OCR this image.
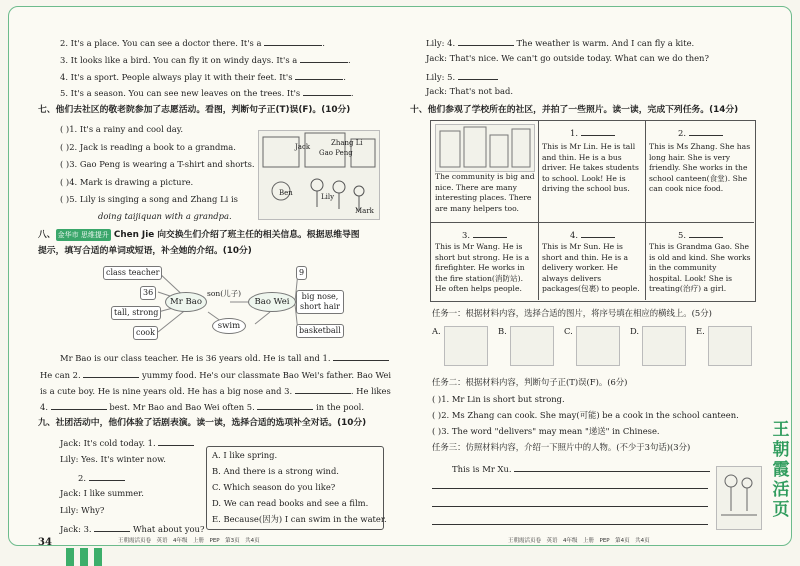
2. It's a place. You can see a doctor there. It's a	.
3. It looks like a bird. You can fly it on windy days. It's a	.
4. It's a sport. People always play it with their feet. It's	.
5. It's a season. You can see new leaves on the trees. It's	.
七、他们去社区的敬老院参加了志愿活动。看图，判断句子正(T)误(F)。(10分)
( )1. It's a rainy and cool day.
( )2. Jack is reading a book to a grandma.
( )3. Gao Peng is wearing a T-shirt and shorts.
( )4. Mark is drawing a picture.
( )5. Lily is singing a song and Zhang Li is
doing taijiquan with a grandpa.
Jack	Zhang Li
Gao Peng
Ben	Lily
Mark
八、 金华市 思维提升 Chen Jie 向交换生们介绍了班主任的相关信息。根据思维导图
提示，填写合适的单词或短语，补全她的介绍。(10分)
class teacher
36
tall, strong
cook
Mr Bao
son(儿子)
Bao Wei
swim
9
big nose, short hair
basketball
Mr Bao is our class teacher. He is 36 years old. He is tall and 1.
He can 2.	yummy food. He's our classmate Bao Wei's father. Bao Wei
is a cute boy. He is nine years old. He has a big nose and 3.	. He likes
4.	best. Mr Bao and Bao Wei often 5.	in the pool.
九、社团活动中，他们体验了话剧表演。读一读，选择合适的选项补全对话。(10分)
Jack: It's cold today. 1.
Lily: Yes. It's winter now.
2.
Jack: I like summer.
Lily: Why?
Jack: 3.	What about you?
A. I like spring.
B. And there is a strong wind.
C. Which season do you like?
D. We can read books and see a film.
E. Because(因为) I can swim in the water.
Lily: 4.	The weather is warm. And I can fly a kite.
Jack: That's nice. We can't go outside today. What can we do then?
Lily: 5.
Jack: That's not bad.
十、他们参观了学校所在的社区，并拍了一些照片。读一读，完成下列任务。(14分)
The community is big and nice. There are many interesting places. There are many helpers too.
1.
This is Mr Lin. He is tall and thin. He is a bus driver. He takes students to school. Look! He is driving the school bus.
2.
This is Ms Zhang. She has long hair. She is very friendly. She works in the school canteen(食堂). She can cook nice food.
3.
This is Mr Wang. He is short but strong. He is a firefighter. He works in the fire station(消防站). He often helps people.
4.
This is Mr Sun. He is short and thin. He is a delivery worker. He always delivers packages(包裹) to people.
5.
This is Grandma Gao. She is old and kind. She works in the community hospital. Look! She is treating(治疗) a girl.
任务一：根据材料内容，选择合适的图片，将序号填在相应的横线上。(5分)
A.	B.	C.	D.	E.
任务二：根据材料内容，判断句子正(T)误(F)。(6分)
( )1. Mr Lin is short but strong.
( )2. Ms Zhang can cook. She may(可能) be a cook in the school canteen.
( )3. The word "delivers" may mean "递送" in Chinese.
任务三：仿照材料内容，介绍一下照片中的人物。(不少于3句话)(3分)
This is Mr Xu.
34	王朝霞活页卷　英语　4年级　上册　PEP　第3页　共4页	王朝霞活页卷　英语　4年级　上册　PEP　第4页　共4页
王朝霞活页
